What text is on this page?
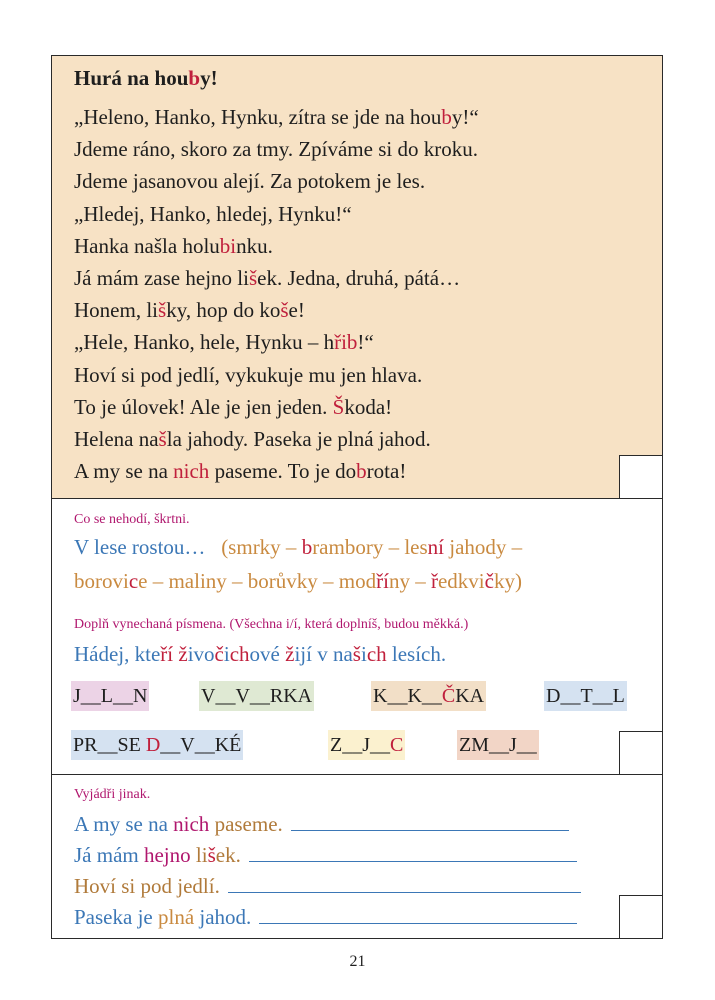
Hurá na houby!
„Heleno, Hanko, Hynku, zítra se jde na houby!“
Jdeme ráno, skoro za tmy. Zpíváme si do kroku.
Jdeme jasanovou alejí. Za potokem je les.
„Hledej, Hanko, hledej, Hynku!“
Hanka našla holubinku.
Já mám zase hejno lišek. Jedna, druhá, pátá…
Honem, lišky, hop do koše!
„Hele, Hanko, hele, Hynku – hřib!“
Hoví si pod jedlí, vykukuje mu jen hlava.
To je úlovek! Ale je jen jeden. Škoda!
Helena našla jahody. Paseka je plná jahod.
A my se na nich paseme. To je dobrota!
Co se nehodí, škrtni.
V lese rostou…   (smrky – brambory – lesní jahody –
borovice – maliny – borůvky – modříny – ředkvičky)
Doplň vynechaná písmena. (Všechna i/í, která doplníš, budou měkká.)
Hádej, kteří živočichové žijí v našich lesích.
J__L__N	V__V__RKA	K__K__ČKA	D__T__L
PR__SE D__V__KÉ	Z__J__C	ZM__J__
Vyjádři jinak.
A my se na nich paseme.
Já mám hejno lišek.
Hoví si pod jedlí.
Paseka je plná jahod.
21
